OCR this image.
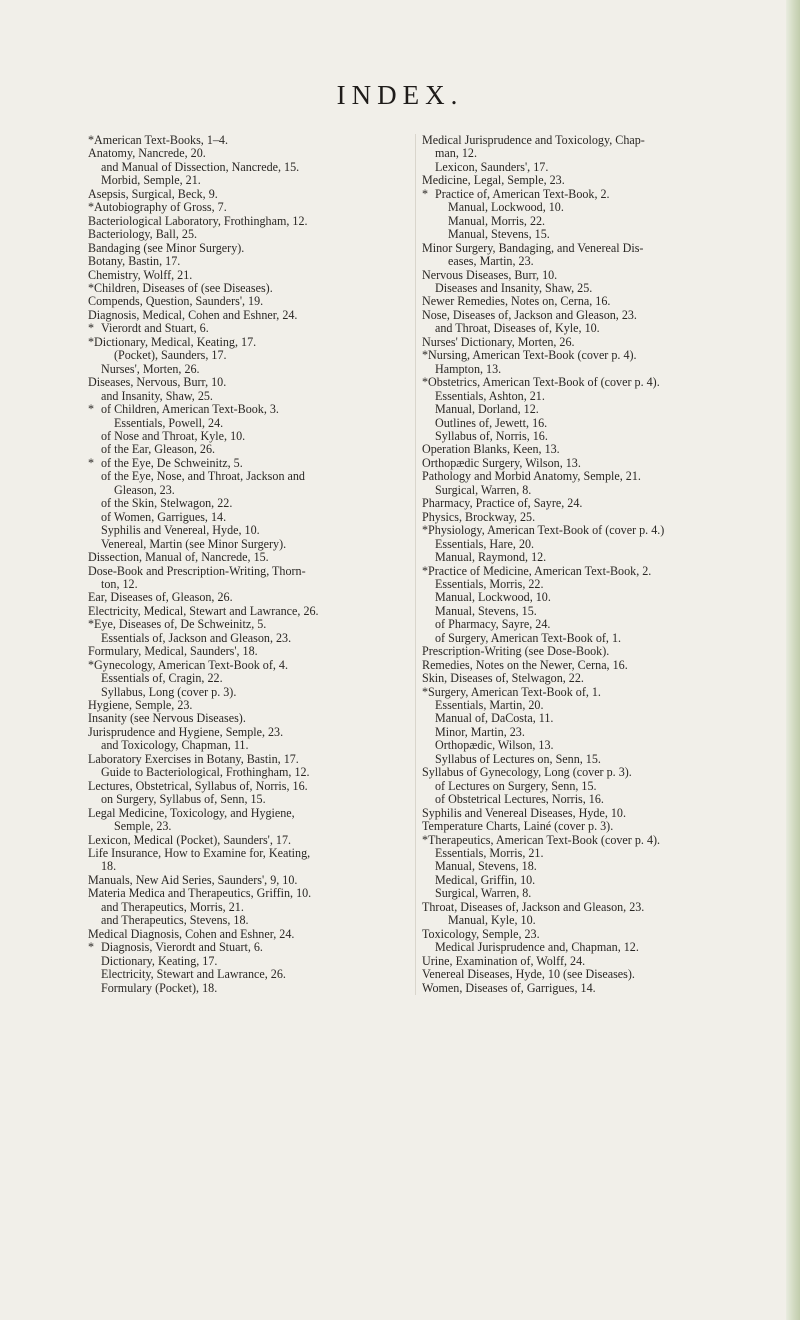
INDEX.
*American Text-Books, 1–4.
Anatomy, Nancrede, 20.
and Manual of Dissection, Nancrede, 15.
Morbid, Semple, 21.
Asepsis, Surgical, Beck, 9.
*Autobiography of Gross, 7.
Bacteriological Laboratory, Frothingham, 12.
Bacteriology, Ball, 25.
Bandaging (see Minor Surgery).
Botany, Bastin, 17.
Chemistry, Wolff, 21.
*Children, Diseases of (see Diseases).
Compends, Question, Saunders', 19.
Diagnosis, Medical, Cohen and Eshner, 24.
* Vierordt and Stuart, 6.
*Dictionary, Medical, Keating, 17.
(Pocket), Saunders, 17.
Nurses', Morten, 26.
Diseases, Nervous, Burr, 10.
and Insanity, Shaw, 25.
* of Children, American Text-Book, 3.
Essentials, Powell, 24.
of Nose and Throat, Kyle, 10.
of the Ear, Gleason, 26.
* of the Eye, De Schweinitz, 5.
of the Eye, Nose, and Throat, Jackson and
Gleason, 23.
of the Skin, Stelwagon, 22.
of Women, Garrigues, 14.
Syphilis and Venereal, Hyde, 10.
Venereal, Martin (see Minor Surgery).
Dissection, Manual of, Nancrede, 15.
Dose-Book and Prescription-Writing, Thorn-
ton, 12.
Ear, Diseases of, Gleason, 26.
Electricity, Medical, Stewart and Lawrance, 26.
*Eye, Diseases of, De Schweinitz, 5.
Essentials of, Jackson and Gleason, 23.
Formulary, Medical, Saunders', 18.
*Gynecology, American Text-Book of, 4.
Essentials of, Cragin, 22.
Syllabus, Long (cover p. 3).
Hygiene, Semple, 23.
Insanity (see Nervous Diseases).
Jurisprudence and Hygiene, Semple, 23.
and Toxicology, Chapman, 11.
Laboratory Exercises in Botany, Bastin, 17.
Guide to Bacteriological, Frothingham, 12.
Lectures, Obstetrical, Syllabus of, Norris, 16.
on Surgery, Syllabus of, Senn, 15.
Legal Medicine, Toxicology, and Hygiene,
Semple, 23.
Lexicon, Medical (Pocket), Saunders', 17.
Life Insurance, How to Examine for, Keating,
18.
Manuals, New Aid Series, Saunders', 9, 10.
Materia Medica and Therapeutics, Griffin, 10.
and Therapeutics, Morris, 21.
and Therapeutics, Stevens, 18.
Medical Diagnosis, Cohen and Eshner, 24.
* Diagnosis, Vierordt and Stuart, 6.
Dictionary, Keating, 17.
Electricity, Stewart and Lawrance, 26.
Formulary (Pocket), 18.
Medical Jurisprudence and Toxicology, Chap-
man, 12.
Lexicon, Saunders', 17.
Medicine, Legal, Semple, 23.
* Practice of, American Text-Book, 2.
Manual, Lockwood, 10.
Manual, Morris, 22.
Manual, Stevens, 15.
Minor Surgery, Bandaging, and Venereal Dis-
eases, Martin, 23.
Nervous Diseases, Burr, 10.
Diseases and Insanity, Shaw, 25.
Newer Remedies, Notes on, Cerna, 16.
Nose, Diseases of, Jackson and Gleason, 23.
and Throat, Diseases of, Kyle, 10.
Nurses' Dictionary, Morten, 26.
*Nursing, American Text-Book (cover p. 4).
Hampton, 13.
*Obstetrics, American Text-Book of (cover p. 4).
Essentials, Ashton, 21.
Manual, Dorland, 12.
Outlines of, Jewett, 16.
Syllabus of, Norris, 16.
Operation Blanks, Keen, 13.
Orthopædic Surgery, Wilson, 13.
Pathology and Morbid Anatomy, Semple, 21.
Surgical, Warren, 8.
Pharmacy, Practice of, Sayre, 24.
Physics, Brockway, 25.
*Physiology, American Text-Book of (cover p. 4.)
Essentials, Hare, 20.
Manual, Raymond, 12.
*Practice of Medicine, American Text-Book, 2.
Essentials, Morris, 22.
Manual, Lockwood, 10.
Manual, Stevens, 15.
of Pharmacy, Sayre, 24.
of Surgery, American Text-Book of, 1.
Prescription-Writing (see Dose-Book).
Remedies, Notes on the Newer, Cerna, 16.
Skin, Diseases of, Stelwagon, 22.
*Surgery, American Text-Book of, 1.
Essentials, Martin, 20.
Manual of, DaCosta, 11.
Minor, Martin, 23.
Orthopædic, Wilson, 13.
Syllabus of Lectures on, Senn, 15.
Syllabus of Gynecology, Long (cover p. 3).
of Lectures on Surgery, Senn, 15.
of Obstetrical Lectures, Norris, 16.
Syphilis and Venereal Diseases, Hyde, 10.
Temperature Charts, Lainé (cover p. 3).
*Therapeutics, American Text-Book (cover p. 4).
Essentials, Morris, 21.
Manual, Stevens, 18.
Medical, Griffin, 10.
Surgical, Warren, 8.
Throat, Diseases of, Jackson and Gleason, 23.
Manual, Kyle, 10.
Toxicology, Semple, 23.
Medical Jurisprudence and, Chapman, 12.
Urine, Examination of, Wolff, 24.
Venereal Diseases, Hyde, 10 (see Diseases).
Women, Diseases of, Garrigues, 14.
